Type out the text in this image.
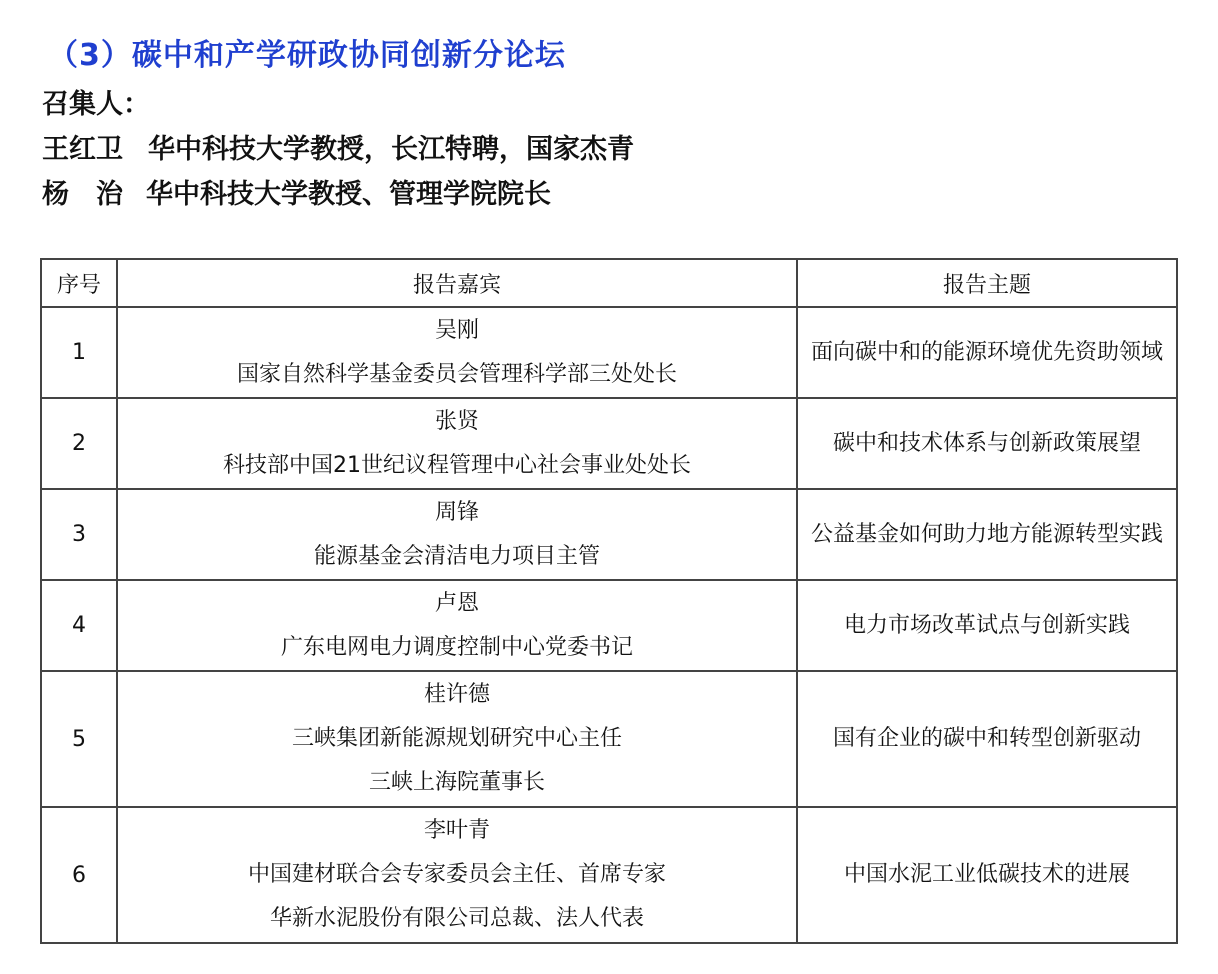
（3）碳中和产学研政协同创新分论坛
召集人：
王红卫 华中科技大学教授，长江特聘，国家杰青
杨　治 华中科技大学教授、管理学院院长
序号	报告嘉宾	报告主题
1	吴刚
国家自然科学基金委员会管理科学部三处处长	面向碳中和的能源环境优先资助领域
2	张贤
科技部中国21世纪议程管理中心社会事业处处长	碳中和技术体系与创新政策展望
3	周锋
能源基金会清洁电力项目主管	公益基金如何助力地方能源转型实践
4	卢恩
广东电网电力调度控制中心党委书记	电力市场改革试点与创新实践
5	桂许德
三峡集团新能源规划研究中心主任
三峡上海院董事长	国有企业的碳中和转型创新驱动
6	李叶青
中国建材联合会专家委员会主任、首席专家
华新水泥股份有限公司总裁、法人代表	中国水泥工业低碳技术的进展
